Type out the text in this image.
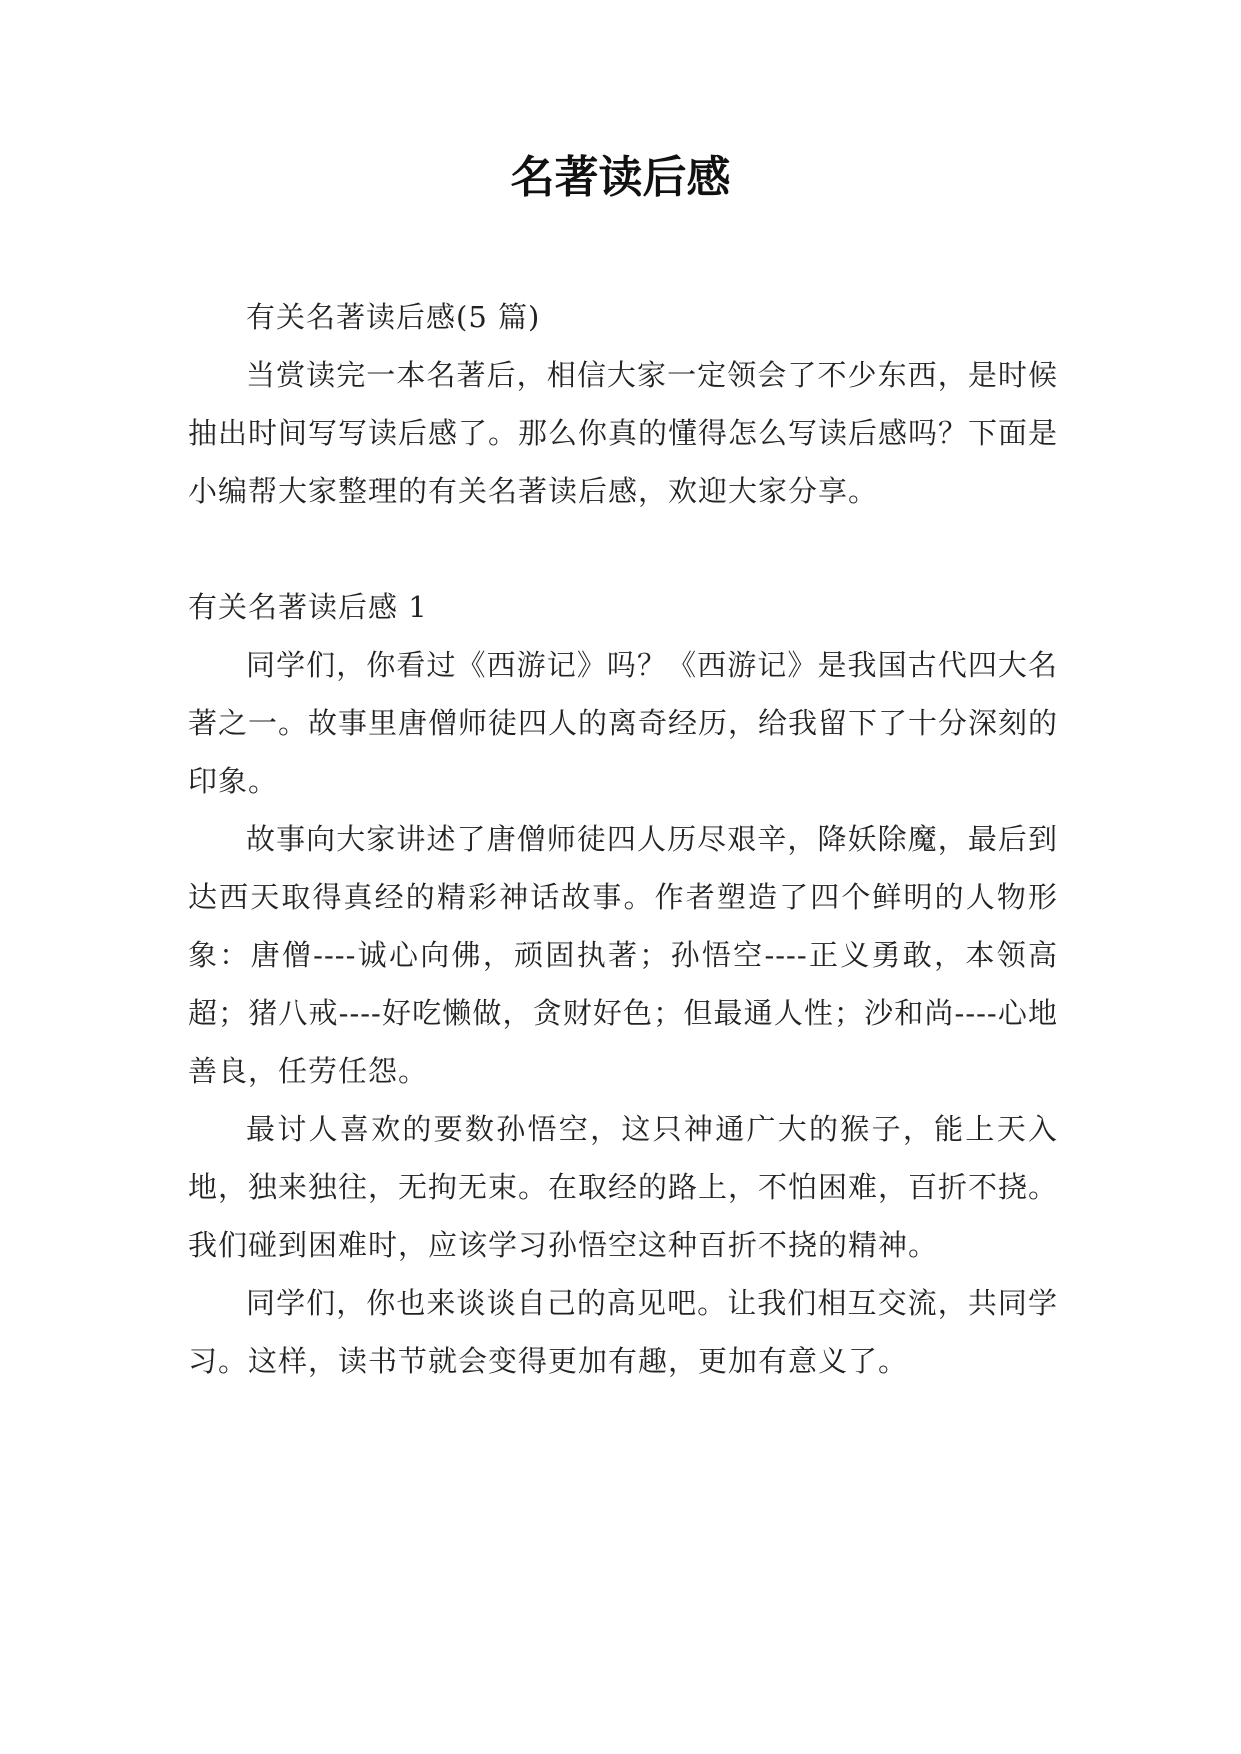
名著读后感

有关名著读后感(5 篇)

当赏读完一本名著后，相信大家一定领会了不少东西，是时候抽出时间写写读后感了。那么你真的懂得怎么写读后感吗？下面是小编帮大家整理的有关名著读后感，欢迎大家分享。

有关名著读后感 1

同学们，你看过《西游记》吗？《西游记》是我国古代四大名著之一。故事里唐僧师徒四人的离奇经历，给我留下了十分深刻的印象。

故事向大家讲述了唐僧师徒四人历尽艰辛，降妖除魔，最后到达西天取得真经的精彩神话故事。作者塑造了四个鲜明的人物形象：唐僧----诚心向佛，顽固执著；孙悟空----正义勇敢，本领高超；猪八戒----好吃懒做，贪财好色；但最通人性；沙和尚----心地善良，任劳任怨。

最讨人喜欢的要数孙悟空，这只神通广大的猴子，能上天入地，独来独往，无拘无束。在取经的路上，不怕困难，百折不挠。我们碰到困难时，应该学习孙悟空这种百折不挠的精神。

同学们，你也来谈谈自己的高见吧。让我们相互交流，共同学习。这样，读书节就会变得更加有趣，更加有意义了。
